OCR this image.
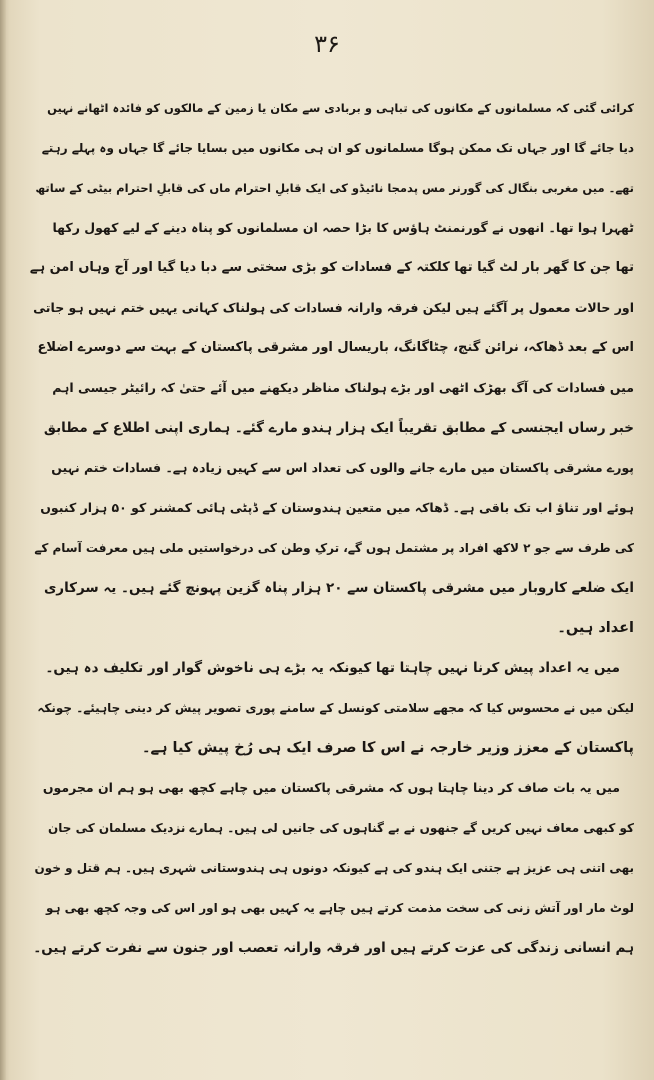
۳۶
کرائی گئی کہ مسلمانوں کے مکانوں کی تباہی و بربادی سے مکان یا زمین کے مالکوں کو فائدہ اٹھانے نہیں
دیا جائے گا اور جہاں تک ممکن ہوگا مسلمانوں کو ان ہی مکانوں میں بسایا جائے گا جہاں وہ پہلے رہتے
تھے۔ میں مغربی بنگال کی گورنر مس پدمجا نائیڈو کی ایک قابلِ احترام ماں کی قابلِ احترام بیٹی کے ساتھ
ٹھہرا ہوا تھا۔ انھوں نے گورنمنٹ ہاؤس کا بڑا حصہ ان مسلمانوں کو پناہ دینے کے لیے کھول رکھا
تھا جن کا گھر بار لٹ گیا تھا کلکتہ کے فسادات کو بڑی سختی سے دبا دیا گیا اور آج وہاں امن ہے
اور حالات معمول پر آگئے ہیں لیکن فرقہ وارانہ فسادات کی ہولناک کہانی یہیں ختم نہیں ہو جاتی
اس کے بعد ڈھاکہ، نرائن گنج، چٹاگانگ، باریسال اور مشرقی پاکستان کے بہت سے دوسرے اضلاع
میں فسادات کی آگ بھڑک اٹھی اور بڑے ہولناک مناظر دیکھنے میں آئے حتیٰ کہ رائیٹر جیسی اہم
خبر رساں ایجنسی کے مطابق تقریباً ایک ہزار ہندو مارے گئے۔ ہماری اپنی اطلاع کے مطابق
پورے مشرقی پاکستان میں مارے جانے والوں کی تعداد اس سے کہیں زیادہ ہے۔ فسادات ختم نہیں
ہوئے اور تناؤ اب تک باقی ہے۔ ڈھاکہ میں متعین ہندوستان کے ڈپٹی ہائی کمشنر کو ۵۰ ہزار کنبوں
کی طرف سے جو ۲ لاکھ افراد پر مشتمل ہوں گے، ترکِ وطن کی درخواستیں ملی ہیں معرفت آسام کے
ایک ضلعے کاروبار میں مشرقی پاکستان سے ۲۰ ہزار پناہ گزین پہونچ گئے ہیں۔ یہ سرکاری
اعداد ہیں۔
میں یہ اعداد پیش کرنا نہیں چاہتا تھا کیونکہ یہ بڑے ہی ناخوش گوار اور تکلیف دہ ہیں۔
لیکن میں نے محسوس کیا کہ مجھے سلامتی کونسل کے سامنے پوری تصویر پیش کر دینی چاہیئے۔ چونکہ
پاکستان کے معزز وزیر خارجہ نے اس کا صرف ایک ہی رُخ پیش کیا ہے۔
میں یہ بات صاف کر دینا چاہتا ہوں کہ مشرقی پاکستان میں چاہے کچھ بھی ہو ہم ان مجرموں
کو کبھی معاف نہیں کریں گے جنھوں نے بے گناہوں کی جانیں لی ہیں۔ ہمارے نزدیک مسلمان کی جان
بھی اتنی ہی عزیز ہے جتنی ایک ہندو کی ہے کیونکہ دونوں ہی ہندوستانی شہری ہیں۔ ہم قتل و خون
لوٹ مار اور آتش زنی کی سخت مذمت کرتے ہیں چاہے یہ کہیں بھی ہو اور اس کی وجہ کچھ بھی ہو
ہم انسانی زندگی کی عزت کرتے ہیں اور فرقہ وارانہ تعصب اور جنون سے نفرت کرتے ہیں۔
